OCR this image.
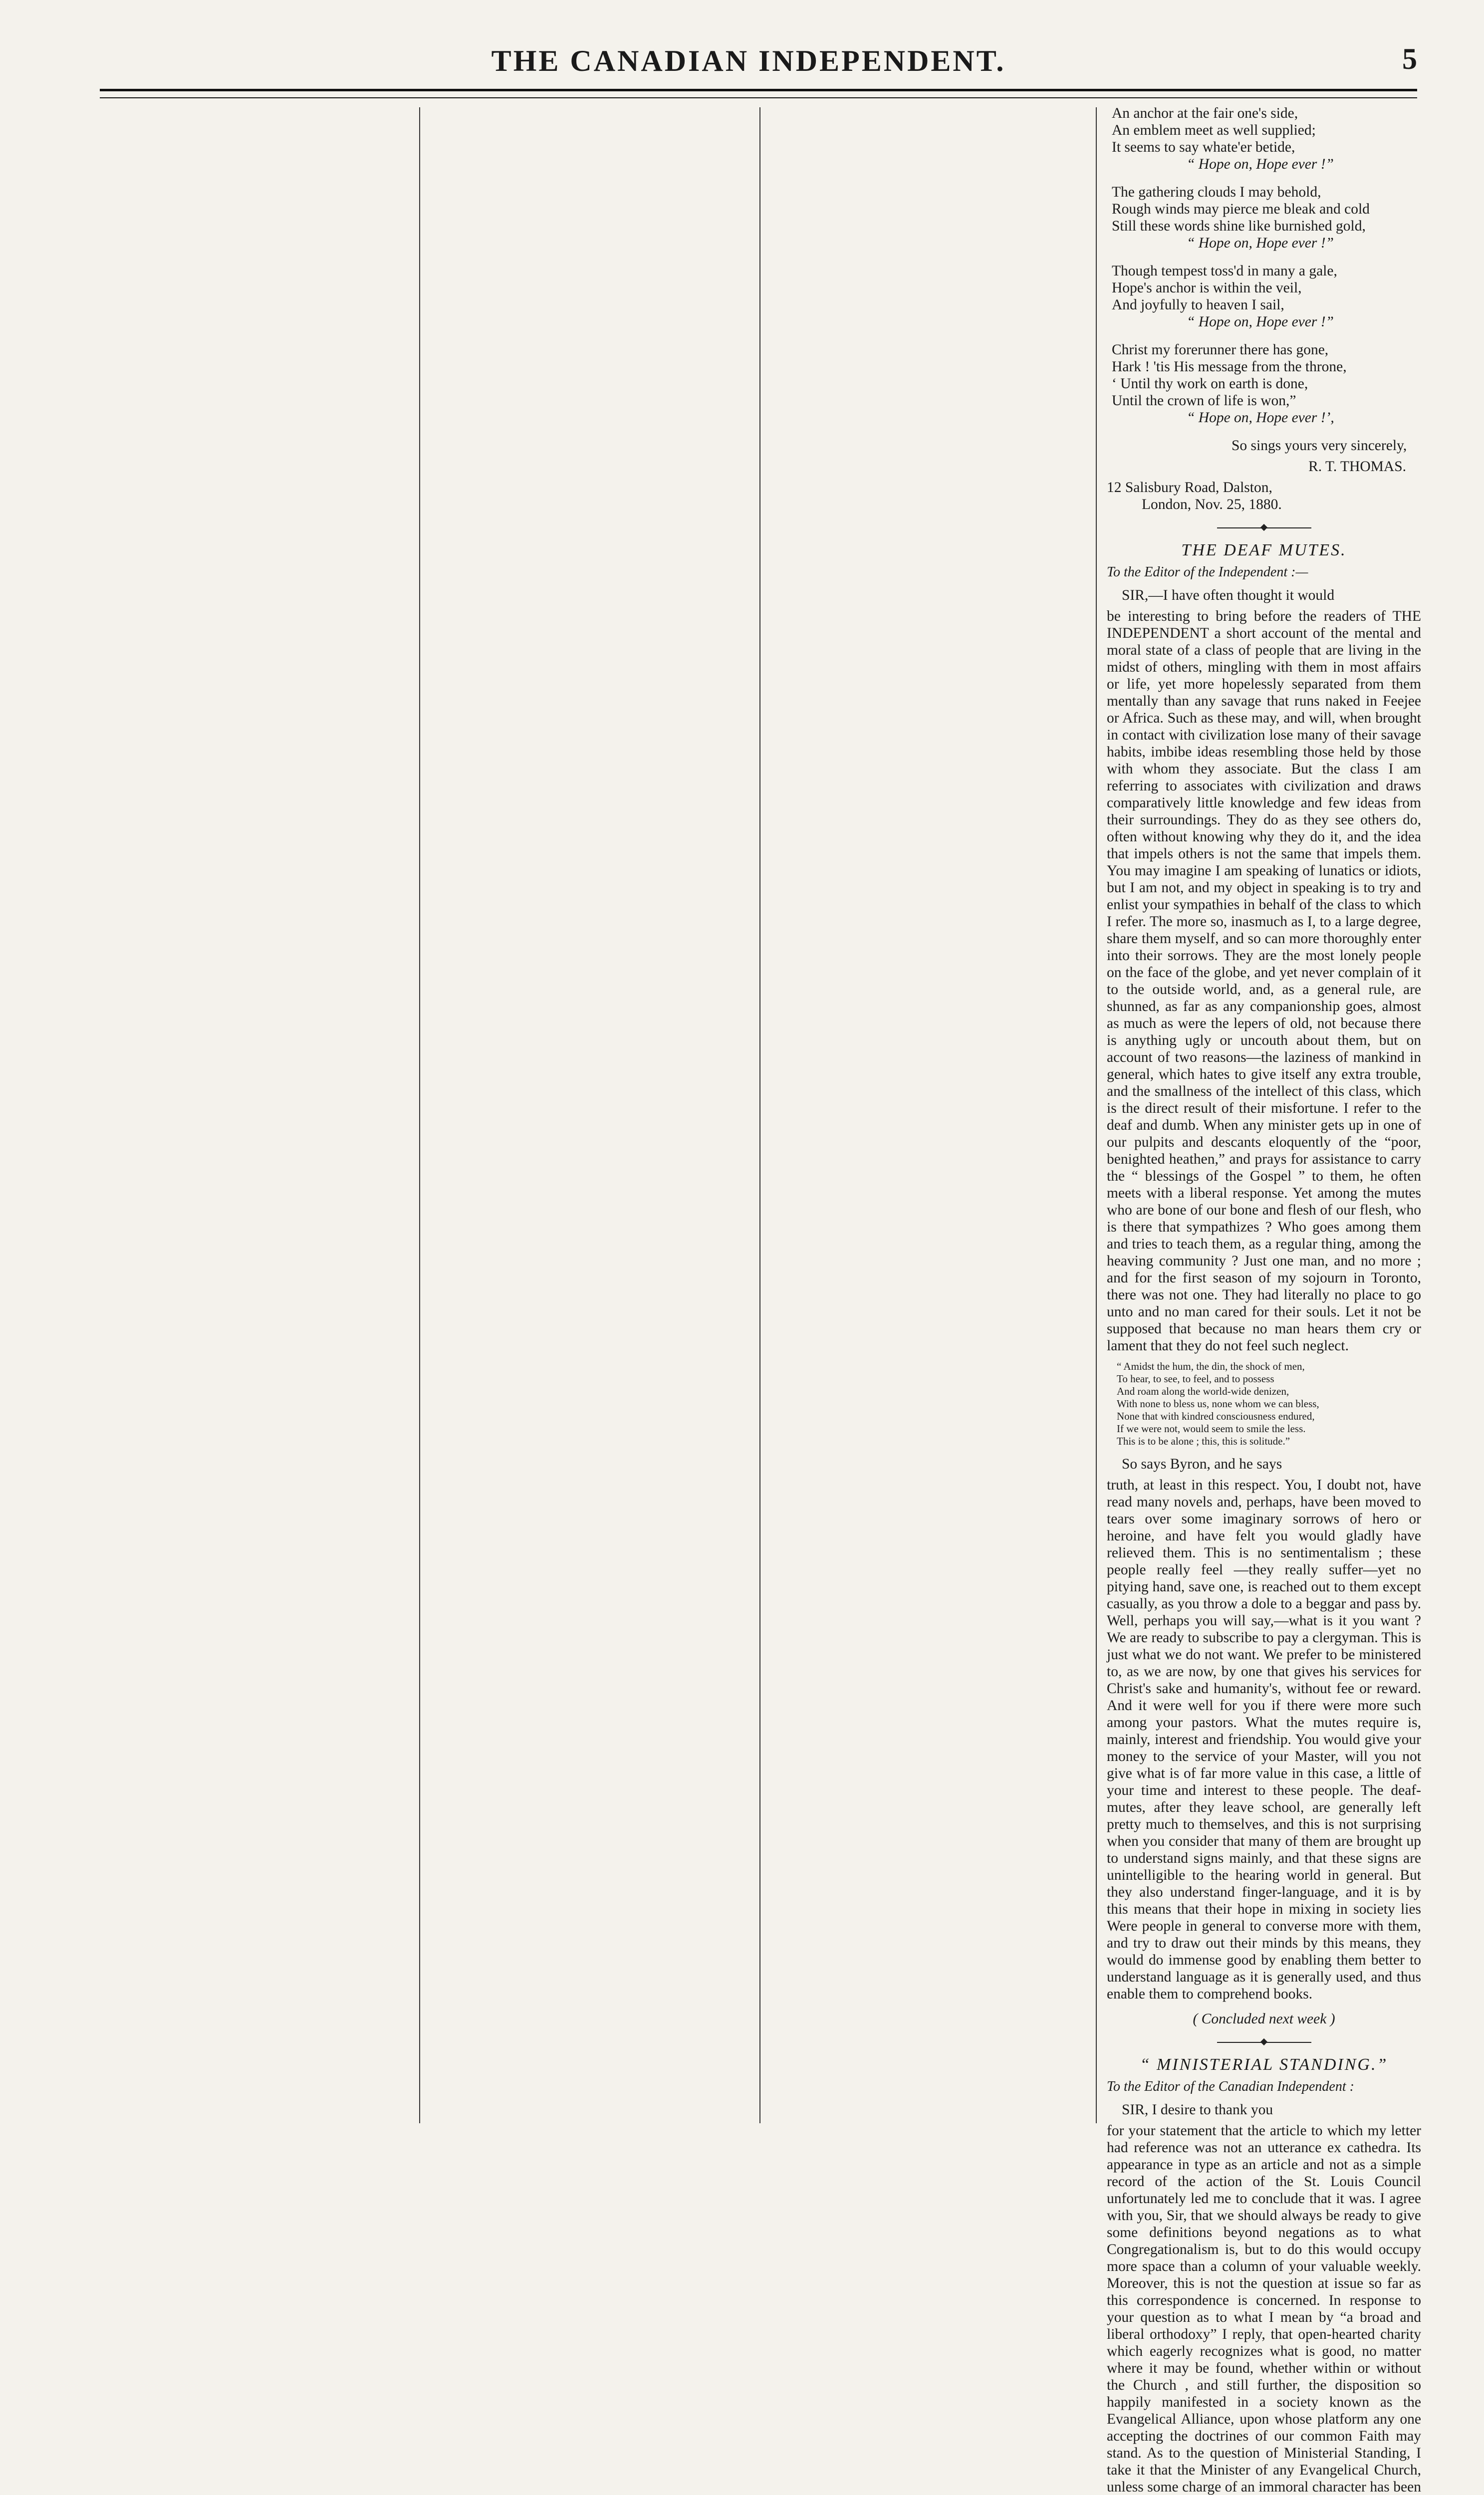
THE CANADIAN INDEPENDENT.	5
An anchor at the fair one's side,
An emblem meet as well supplied;
It seems to say whate'er betide,
“ Hope on, Hope ever !”
The gathering clouds I may behold,
Rough winds may pierce me bleak and cold
Still these words shine like burnished gold,
“ Hope on, Hope ever !”
Though tempest toss'd in many a gale,
Hope's anchor is within the veil,
And joyfully to heaven I sail,
“ Hope on, Hope ever !”
Christ my forerunner there has gone,
Hark ! 'tis His message from the throne,
‘ Until thy work on earth is done,
Until the crown of life is won,”
“ Hope on, Hope ever !’,

So sings yours very sincerely,

R. T. THOMAS.

12 Salisbury Road, Dalston,
London, Nov. 25, 1880.
THE DEAF MUTES.
To the Editor of the Independent :—

SIR,—I have often thought it would

be interesting to bring before the readers of THE INDEPENDENT a short account of the mental and moral state of a class of people that are living in the midst of others, mingling with them in most affairs or life, yet more hopelessly separated from them mentally than any savage that runs naked in Feejee or Africa. Such as these may, and will, when brought in contact with civilization lose many of their savage habits, imbibe ideas resembling those held by those with whom they associate. But the class I am referring to associates with civilization and draws comparatively little knowledge and few ideas from their surroundings. They do as they see others do, often without knowing why they do it, and the idea that impels others is not the same that impels them. You may imagine I am speaking of lunatics or idiots, but I am not, and my object in speaking is to try and enlist your sympathies in behalf of the class to which I refer. The more so, inasmuch as I, to a large degree, share them myself, and so can more thoroughly enter into their sorrows. They are the most lonely people on the face of the globe, and yet never complain of it to the outside world, and, as a general rule, are shunned, as far as any companionship goes, almost as much as were the lepers of old, not because there is anything ugly or uncouth about them, but on account of two reasons—the laziness of mankind in general, which hates to give itself any extra trouble, and the smallness of the intellect of this class, which is the direct result of their misfortune. I refer to the deaf and dumb. When any minister gets up in one of our pulpits and descants eloquently of the “poor, benighted heathen,” and prays for assistance to carry the “ blessings of the Gospel ” to them, he often meets with a liberal response. Yet among the mutes who are bone of our bone and flesh of our flesh, who is there that sympathizes ? Who goes among them and tries to teach them, as a regular thing, among the heaving community ? Just one man, and no more ; and for the first season of my sojourn in Toronto, there was not one. They had literally no place to go unto and no man cared for their souls. Let it not be supposed that because no man hears them cry or lament that they do not feel such neglect.

“ Amidst the hum, the din, the shock of men,
To hear, to see, to feel, and to possess
And roam along the world-wide denizen,
With none to bless us, none whom we can bless,
None that with kindred consciousness endured,
If we were not, would seem to smile the less.
This is to be alone ; this, this is solitude.”

So says Byron, and he says

truth, at least in this respect. You, I doubt not, have read many novels and, perhaps, have been moved to tears over some imaginary sorrows of hero or heroine, and have felt you would gladly have relieved them. This is no sentimentalism ; these people really feel —they really suffer—yet no pitying hand, save one, is reached out to them except casually, as you throw a dole to a beggar and pass by. Well, perhaps you will say,—what is it you want ? We are ready to subscribe to pay a clergyman. This is just what we do not want. We prefer to be ministered to, as we are now, by one that gives his services for Christ's sake and humanity's, without fee or reward. And it were well for you if there were more such among your pastors. What the mutes require is, mainly, interest and friendship. You would give your money to the service of your Master, will you not give what is of far more value in this case, a little of your time and interest to these people. The deaf-mutes, after they leave school, are generally left pretty much to themselves, and this is not surprising when you consider that many of them are brought up to understand signs mainly, and that these signs are unintelligible to the hearing world in general. But they also understand finger-language, and it is by this means that their hope in mixing in society lies Were people in general to converse more with them, and try to draw out their minds by this means, they would do immense good by enabling them better to understand language as it is generally used, and thus enable them to comprehend books.

( Concluded next week )
“ MINISTERIAL STANDING.”
To the Editor of the Canadian Independent :

SIR, I desire to thank you

for your statement that the article to which my letter had reference was not an utterance ex cathedra. Its appearance in type as an article and not as a simple record of the action of the St. Louis Council unfortunately led me to conclude that it was. I agree with you, Sir, that we should always be ready to give some definitions beyond negations as to what Congregationalism is, but to do this would occupy more space than a column of your valuable weekly. Moreover, this is not the question at issue so far as this correspondence is concerned. In response to your question as to what I mean by “a broad and liberal orthodoxy” I reply, that open-hearted charity which eagerly recognizes what is good, no matter where it may be found, whether within or without the Church , and still further, the disposition so happily manifested in a society known as the Evangelical Alliance, upon whose platform any one accepting the doctrines of our common Faith may stand. As to the question of Ministerial Standing, I take it that the Minister of any Evangelical Church, unless some charge of an immoral character has been
